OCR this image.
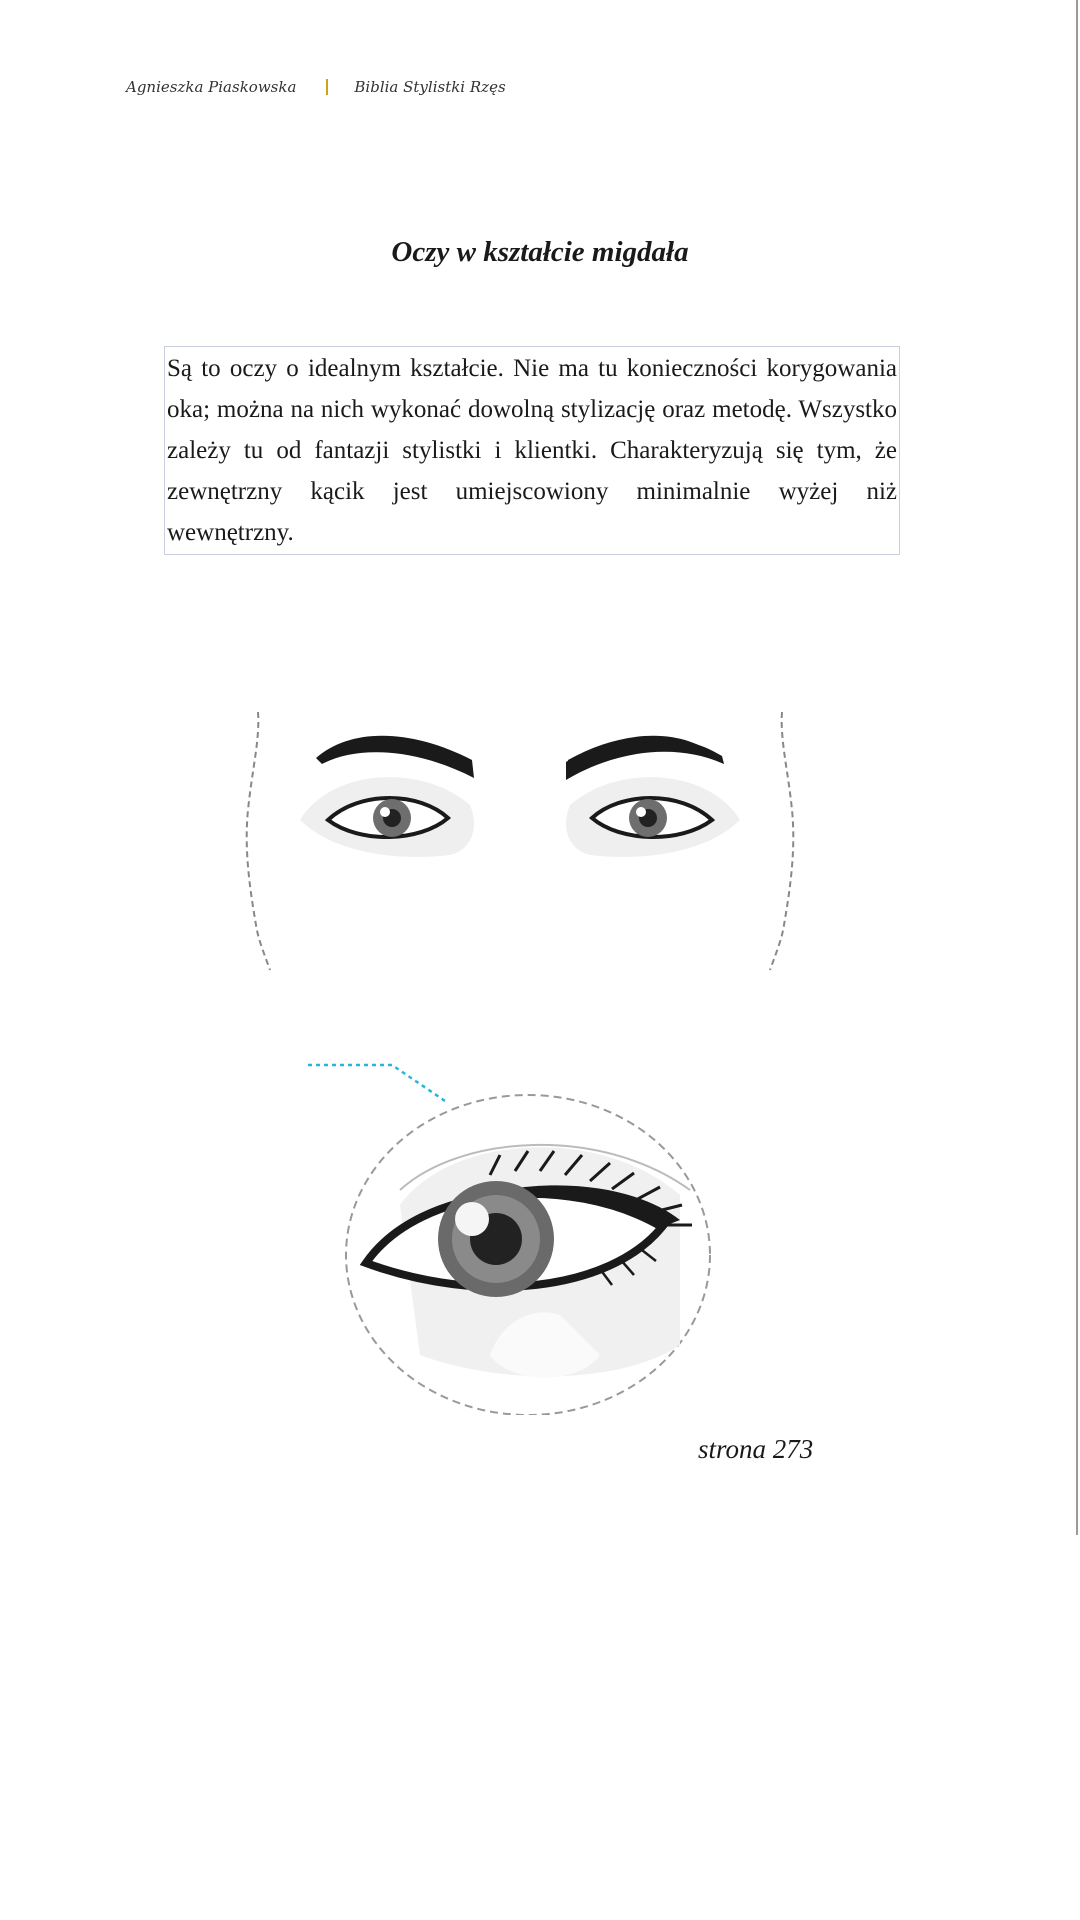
Agnieszka Piaskowska	Biblia Stylistki Rzęs
Oczy w kształcie migdała

Są to oczy o idealnym kształcie. Nie ma tu konieczności korygowania oka; można na nich wykonać dowolną stylizację oraz metodę. Wszystko zależy tu od fantazji stylistki i klientki. Charakteryzują się tym, że zewnętrzny kącik jest umiejscowiony minimalnie wyżej niż wewnętrzny.

strona 273
